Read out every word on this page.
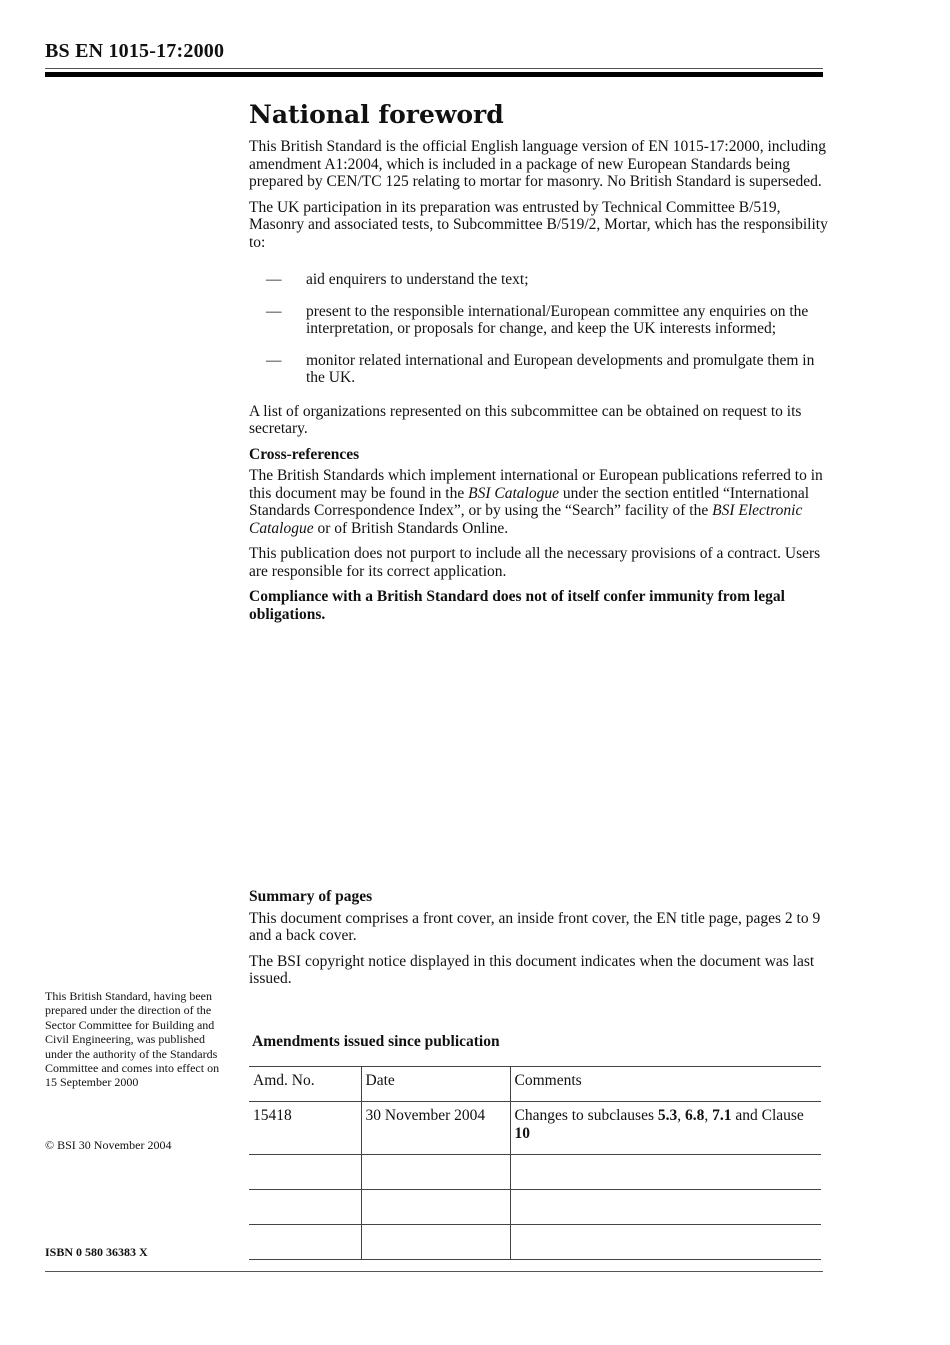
BS EN 1015-17:2000
National foreword

This British Standard is the official English language version of EN 1015-17:2000, including amendment A1:2004, which is included in a package of new European Standards being prepared by CEN/TC 125 relating to mortar for masonry. No British Standard is superseded.

The UK participation in its preparation was entrusted by Technical Committee B/519, Masonry and associated tests, to Subcommittee B/519/2, Mortar, which has the responsibility to:

—	aid enquirers to understand the text;
—	present to the responsible international/European committee any enquiries on the interpretation, or proposals for change, and keep the UK interests informed;
—	monitor related international and European developments and promulgate them in the UK.

A list of organizations represented on this subcommittee can be obtained on request to its secretary.

Cross-references

The British Standards which implement international or European publications referred to in this document may be found in the BSI Catalogue under the section entitled “International Standards Correspondence Index”, or by using the “Search” facility of the BSI Electronic Catalogue or of British Standards Online.

This publication does not purport to include all the necessary provisions of a contract. Users are responsible for its correct application.

Compliance with a British Standard does not of itself confer immunity from legal obligations.

Summary of pages

This document comprises a front cover, an inside front cover, the EN title page, pages 2 to 9 and a back cover.

The BSI copyright notice displayed in this document indicates when the document was last issued.

This British Standard, having been prepared under the direction of the Sector Committee for Building and Civil Engineering, was published under the authority of the Standards Committee and comes into effect on 15 September 2000
© BSI 30 November 2004
ISBN 0 580 36383 X
Amendments issued since publication
Amd. No.	Date	Comments
15418	30 November 2004	Changes to subclauses 5.3, 6.8, 7.1 and Clause 10
